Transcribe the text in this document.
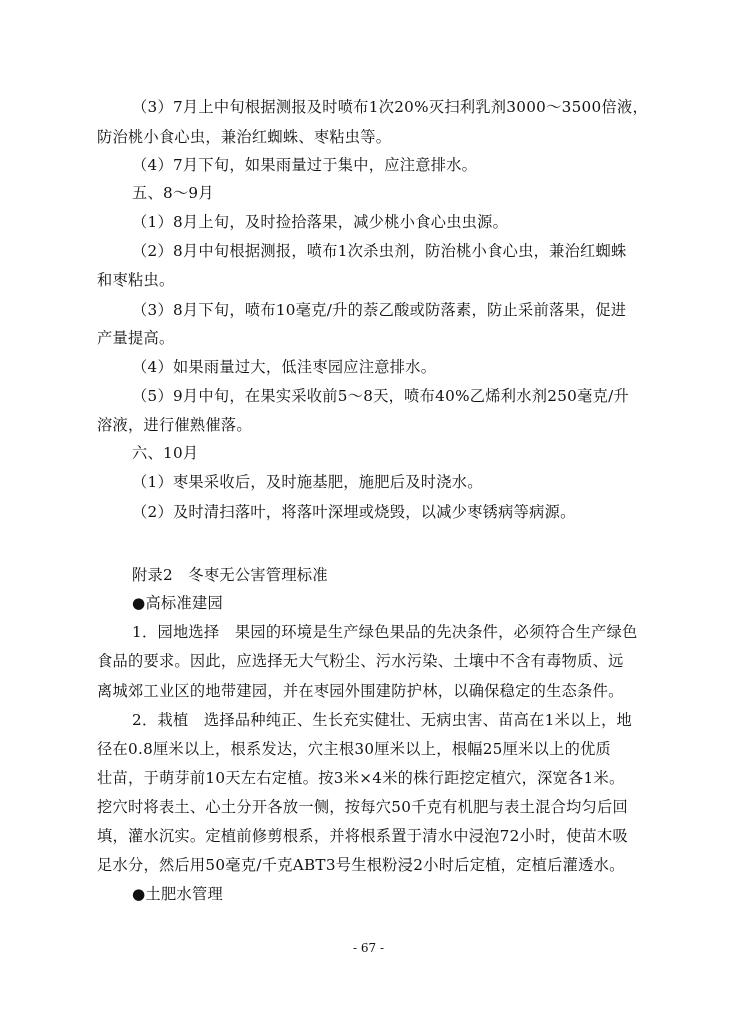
（3）7月上中旬根据测报及时喷布1次20%灭扫利乳剂3000～3500倍液，
防治桃小食心虫，兼治红蜘蛛、枣粘虫等。
（4）7月下旬，如果雨量过于集中，应注意排水。
五、8～9月
（1）8月上旬，及时捡拾落果，减少桃小食心虫虫源。
（2）8月中旬根据测报，喷布1次杀虫剂，防治桃小食心虫，兼治红蜘蛛
和枣粘虫。
（3）8月下旬，喷布10毫克/升的萘乙酸或防落素，防止采前落果，促进
产量提高。
（4）如果雨量过大，低洼枣园应注意排水。
（5）9月中旬，在果实采收前5～8天，喷布40%乙烯利水剂250毫克/升
溶液，进行催熟催落。
六、10月
（1）枣果采收后，及时施基肥，施肥后及时浇水。
（2）及时清扫落叶，将落叶深埋或烧毁，以减少枣锈病等病源。
附录2　冬枣无公害管理标准
●高标准建园
1．园地选择　果园的环境是生产绿色果品的先决条件，必须符合生产绿色
食品的要求。因此，应选择无大气粉尘、污水污染、土壤中不含有毒物质、远
离城郊工业区的地带建园，并在枣园外围建防护林，以确保稳定的生态条件。
2．栽植　选择品种纯正、生长充实健壮、无病虫害、苗高在1米以上，地
径在0.8厘米以上，根系发达，穴主根30厘米以上，根幅25厘米以上的优质
壮苗，于萌芽前10天左右定植。按3米×4米的株行距挖定植穴，深宽各1米。
挖穴时将表土、心土分开各放一侧，按每穴50千克有机肥与表土混合均匀后回
填，灌水沉实。定植前修剪根系，并将根系置于清水中浸泡72小时，使苗木吸
足水分，然后用50毫克/千克ABT3号生根粉浸2小时后定植，定植后灌透水。
●土肥水管理
- 67 -
